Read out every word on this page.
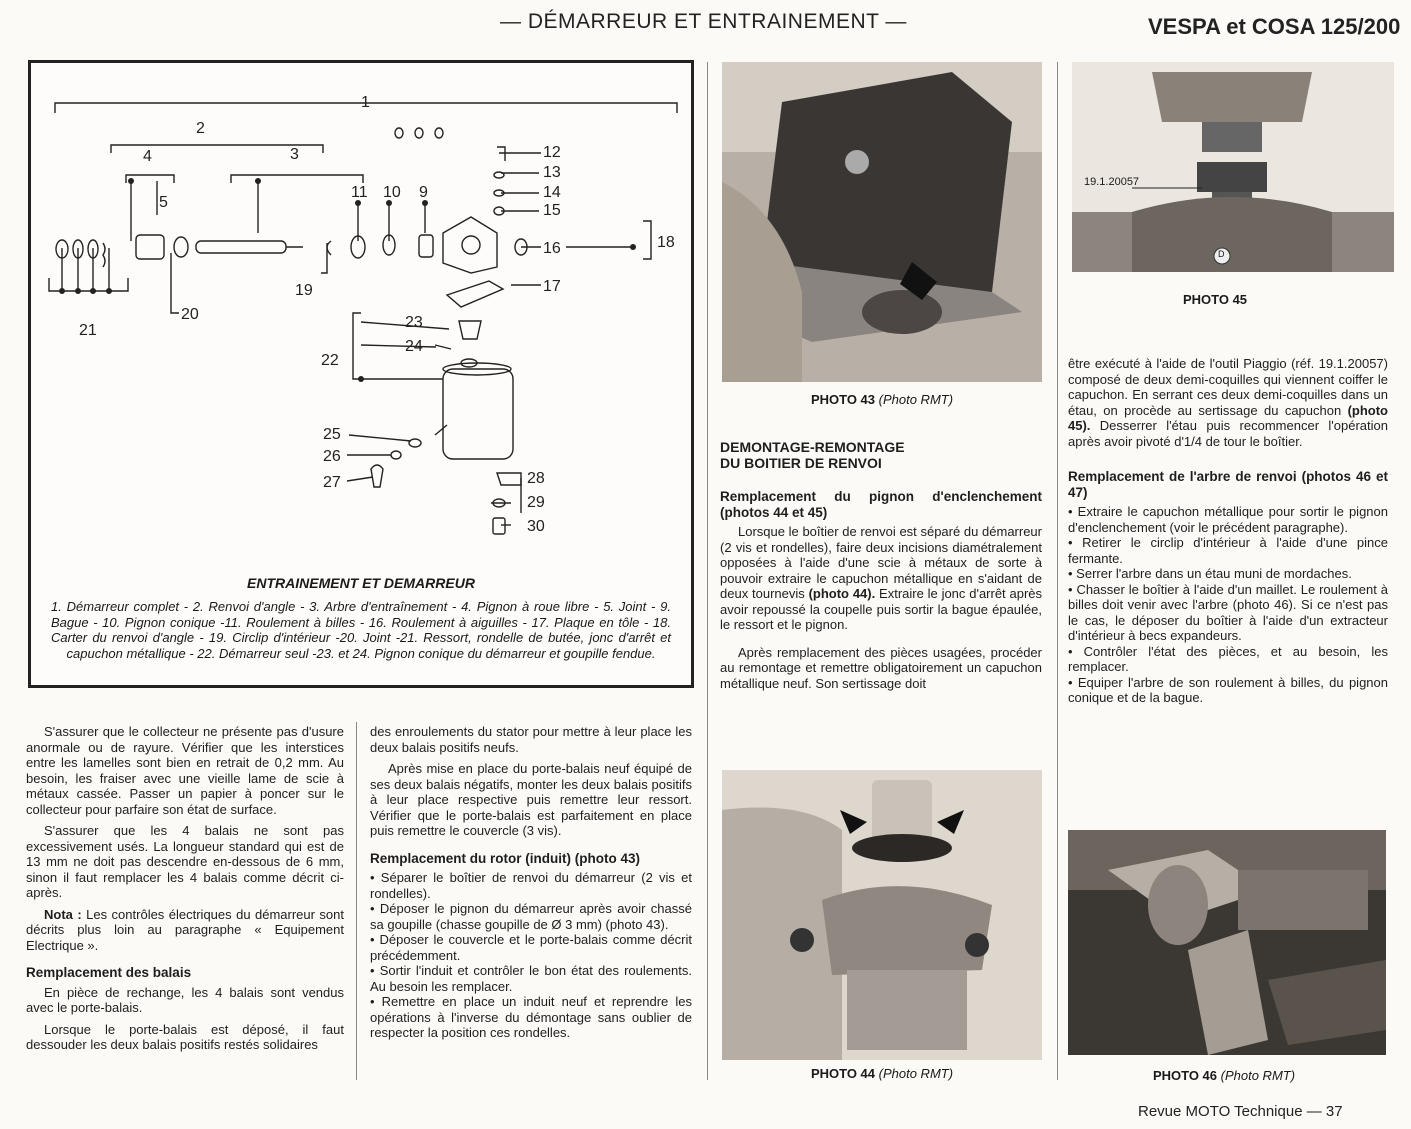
— DÉMARREUR ET ENTRAINEMENT —	VESPA et COSA 125/200
1
2
3
4
5
11 10 9
12
13
14
15
16
17
18
19
20
21
22
23
24
25
26
27	28
29
30
ENTRAINEMENT ET DEMARREUR
1. Démarreur complet - 2. Renvoi d'angle - 3. Arbre d'entraînement - 4. Pignon à roue libre - 5. Joint - 9. Bague - 10. Pignon conique -11. Roulement à billes - 16. Roulement à aiguilles - 17. Plaque en tôle - 18. Carter du renvoi d'angle - 19. Circlip d'intérieur -20. Joint -21. Ressort, rondelle de butée, jonc d'arrêt et capuchon métallique - 22. Démarreur seul -23. et 24. Pignon conique du démarreur et goupille fendue.

S'assurer que le collecteur ne présente pas d'usure anormale ou de rayure. Vérifier que les interstices entre les lamelles sont bien en retrait de 0,2 mm. Au besoin, les fraiser avec une vieille lame de scie à métaux cassée. Passer un papier à poncer sur le collecteur pour parfaire son état de surface.

S'assurer que les 4 balais ne sont pas excessivement usés. La longueur standard qui est de 13 mm ne doit pas descendre en-dessous de 6 mm, sinon il faut remplacer les 4 balais comme décrit ci-après.

Nota : Les contrôles électriques du démarreur sont décrits plus loin au paragraphe « Equipement Electrique ».

Remplacement des balais

En pièce de rechange, les 4 balais sont vendus avec le porte-balais.

Lorsque le porte-balais est déposé, il faut dessouder les deux balais positifs restés solidaires

des enroulements du stator pour mettre à leur place les deux balais positifs neufs.

Après mise en place du porte-balais neuf équipé de ses deux balais négatifs, monter les deux balais positifs à leur place respective puis remettre leur ressort. Vérifier que le porte-balais est parfaitement en place puis remettre le couvercle (3 vis).

Remplacement du rotor (induit) (photo 43)
• Séparer le boîtier de renvoi du démarreur (2 vis et rondelles).
• Déposer le pignon du démarreur après avoir chassé sa goupille (chasse goupille de Ø 3 mm) (photo 43).
• Déposer le couvercle et le porte-balais comme décrit précédemment.
• Sortir l'induit et contrôler le bon état des roulements. Au besoin les remplacer.
• Remettre en place un induit neuf et reprendre les opérations à l'inverse du démontage sans oublier de respecter la position ces rondelles.
PHOTO 43 (Photo RMT)
DEMONTAGE-REMONTAGE DU BOITIER DE RENVOI
Remplacement du pignon d'enclenchement (photos 44 et 45)

Lorsque le boîtier de renvoi est séparé du démarreur (2 vis et rondelles), faire deux incisions diamétralement opposées à l'aide d'une scie à métaux de sorte à pouvoir extraire le capuchon métallique en s'aidant de deux tournevis (photo 44). Extraire le jonc d'arrêt après avoir repoussé la coupelle puis sortir la bague épaulée, le ressort et le pignon.

Après remplacement des pièces usagées, procéder au remontage et remettre obligatoirement un capuchon métallique neuf. Son sertissage doit

PHOTO 44 (Photo RMT)
19.1.20057
D
PHOTO 45

être exécuté à l'aide de l'outil Piaggio (réf. 19.1.20057) composé de deux demi-coquilles qui viennent coiffer le capuchon. En serrant ces deux demi-coquilles dans un étau, on procède au sertissage du capuchon (photo 45). Desserrer l'étau puis recommencer l'opération après avoir pivoté d'1/4 de tour le boîtier.

Remplacement de l'arbre de renvoi (photos 46 et 47)
• Extraire le capuchon métallique pour sortir le pignon d'enclenchement (voir le précédent paragraphe).
• Retirer le circlip d'intérieur à l'aide d'une pince fermante.
• Serrer l'arbre dans un étau muni de mordaches.
• Chasser le boîtier à l'aide d'un maillet. Le roulement à billes doit venir avec l'arbre (photo 46). Si ce n'est pas le cas, le déposer du boîtier à l'aide d'un extracteur d'intérieur à becs expandeurs.
• Contrôler l'état des pièces, et au besoin, les remplacer.
• Equiper l'arbre de son roulement à billes, du pignon conique et de la bague.
PHOTO 46 (Photo RMT)
Revue MOTO Technique — 37
